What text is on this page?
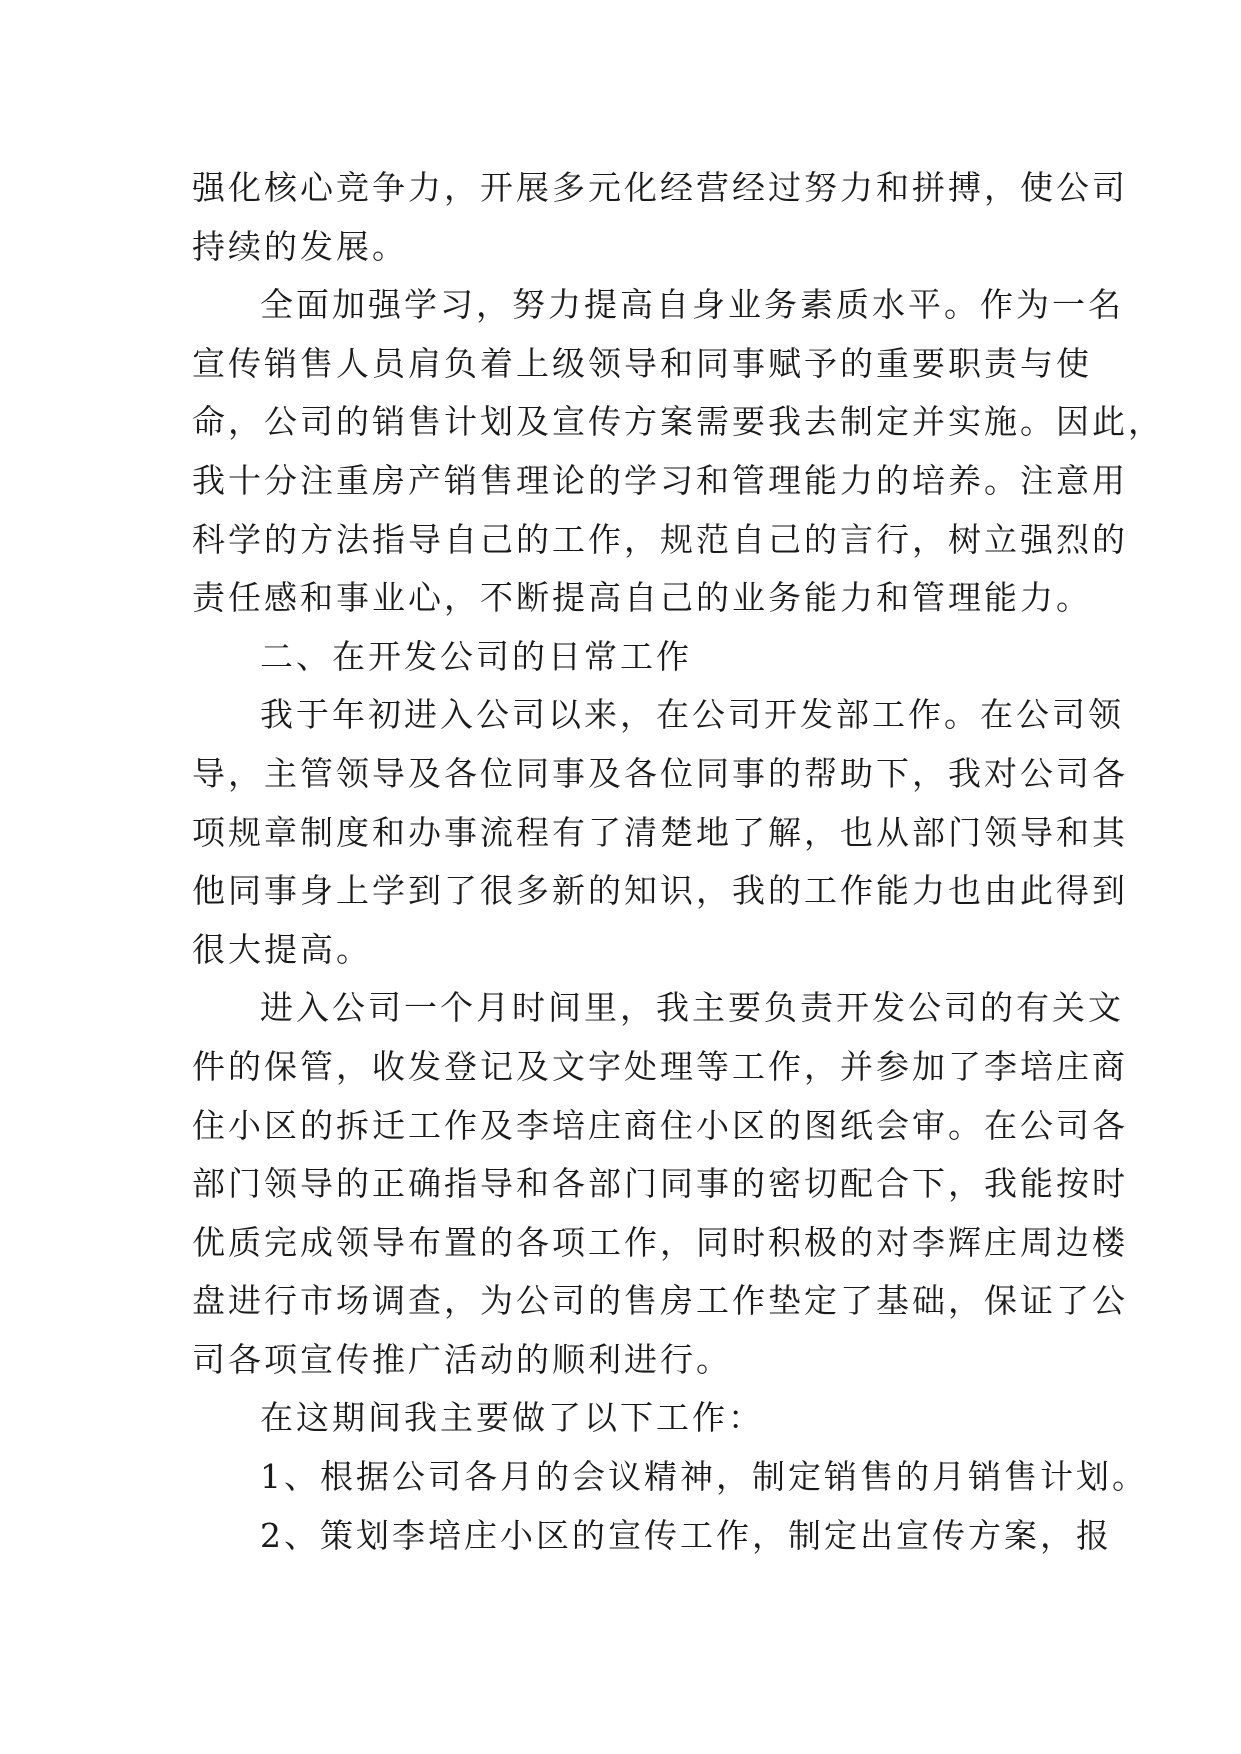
强化核心竞争力，开展多元化经营经过努力和拼搏，使公司
持续的发展。
全面加强学习，努力提高自身业务素质水平。作为一名
宣传销售人员肩负着上级领导和同事赋予的重要职责与使
命，公司的销售计划及宣传方案需要我去制定并实施。因此，
我十分注重房产销售理论的学习和管理能力的培养。注意用
科学的方法指导自己的工作，规范自己的言行，树立强烈的
责任感和事业心，不断提高自己的业务能力和管理能力。
二、在开发公司的日常工作
我于年初进入公司以来，在公司开发部工作。在公司领
导，主管领导及各位同事及各位同事的帮助下，我对公司各
项规章制度和办事流程有了清楚地了解，也从部门领导和其
他同事身上学到了很多新的知识，我的工作能力也由此得到
很大提高。
进入公司一个月时间里，我主要负责开发公司的有关文
件的保管，收发登记及文字处理等工作，并参加了李培庄商
住小区的拆迁工作及李培庄商住小区的图纸会审。在公司各
部门领导的正确指导和各部门同事的密切配合下，我能按时
优质完成领导布置的各项工作，同时积极的对李辉庄周边楼
盘进行市场调查，为公司的售房工作垫定了基础，保证了公
司各项宣传推广活动的顺利进行。
在这期间我主要做了以下工作：
1、根据公司各月的会议精神，制定销售的月销售计划。
2、策划李培庄小区的宣传工作，制定出宣传方案，报
